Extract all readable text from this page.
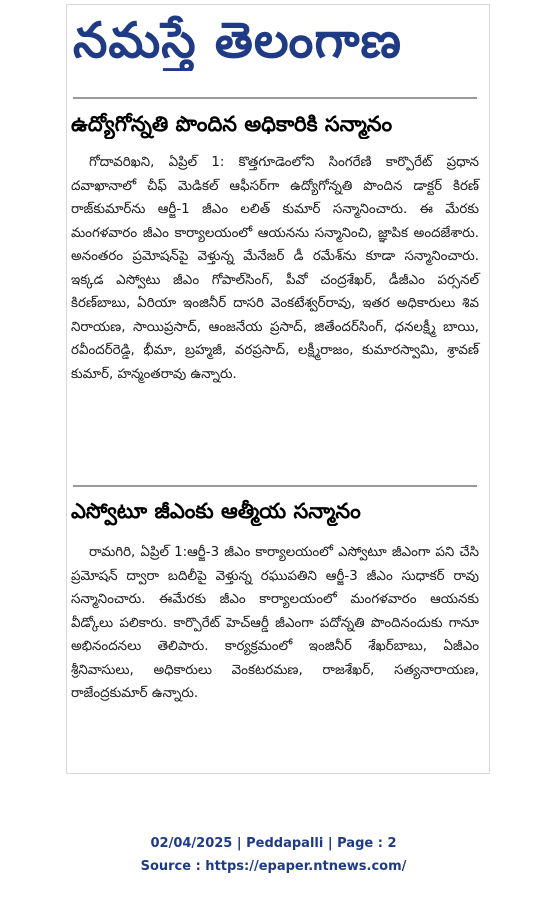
నమస్తే తెలంగాణ
ఉద్యోగోన్నతి పొందిన అధికారికి సన్మానం

గోదావరిఖని, ఏప్రిల్ 1: కొత్తగూడెంలోని సింగరేణి కార్పొరేట్ ప్రధాన దవాఖానాలో చీఫ్ మెడికల్ ఆఫీసర్‌గా ఉద్యోగోన్నతి పొందిన డాక్టర్ కిరణ్ రాజ్‌కుమార్‌ను ఆర్జీ-1 జీఎం లలిత్ కుమార్ సన్మానించారు. ఈ మేరకు మంగళవారం జీఎం కార్యాలయంలో ఆయనను సన్మానించి, జ్ఞాపిక అందజేశారు. అనంతరం ప్రమోషన్‌పై వెళ్తున్న మేనేజర్ డీ రమేశ్‌ను కూడా సన్మానించారు. ఇక్కడ ఎస్వోటు జీఎం గోపాల్‌సింగ్, పీవో చంద్రశేఖర్, డీజీఎం పర్సనల్ కిరణ్‌బాబు, ఏరియా ఇంజినీర్ దాసరి వెంకటేశ్వర్‌రావు, ఇతర అధికారులు శివ నిరాయణ, సాయిప్రసాద్, ఆంజనేయ ప్రసాద్, జితేందర్‌సింగ్, ధనలక్ష్మీ బాయి, రవీందర్‌రెడ్డి, భీమా, బ్రహ్మజీ, వరప్రసాద్, లక్ష్మీరాజం, కుమారస్వామి, శ్రావణ్ కుమార్, హన్మంతరావు ఉన్నారు.

ఎస్వోటూ జీఎంకు ఆత్మీయ సన్మానం

రామగిరి, ఏప్రిల్ 1:ఆర్జీ-3 జీఎం కార్యాలయంలో ఎస్వోటూ జీఎంగా పని చేసి ప్రమోషన్ ద్వారా బదిలీపై వెళ్తున్న రఘుపతిని ఆర్జీ-3 జీఎం సుధాకర్ రావు సన్మానించారు. ఈమేరకు జీఎం కార్యాలయంలో మంగళవారం ఆయనకు వీడ్కోలు పలికారు. కార్పొరేట్ హెచ్ఆర్డీ జీఎంగా పదోన్నతి పొందినందుకు గానూ అభినందనలు తెలిపారు. కార్యక్రమంలో ఇంజినీర్ శేఖర్‌బాబు, ఏజీఎం శ్రీనివాసులు, అధికారులు వెంకటరమణ, రాజశేఖర్, సత్యనారాయణ, రాజేంద్రకుమార్ ఉన్నారు.

02/04/2025 | Peddapalli | Page : 2
Source : https://epaper.ntnews.com/
